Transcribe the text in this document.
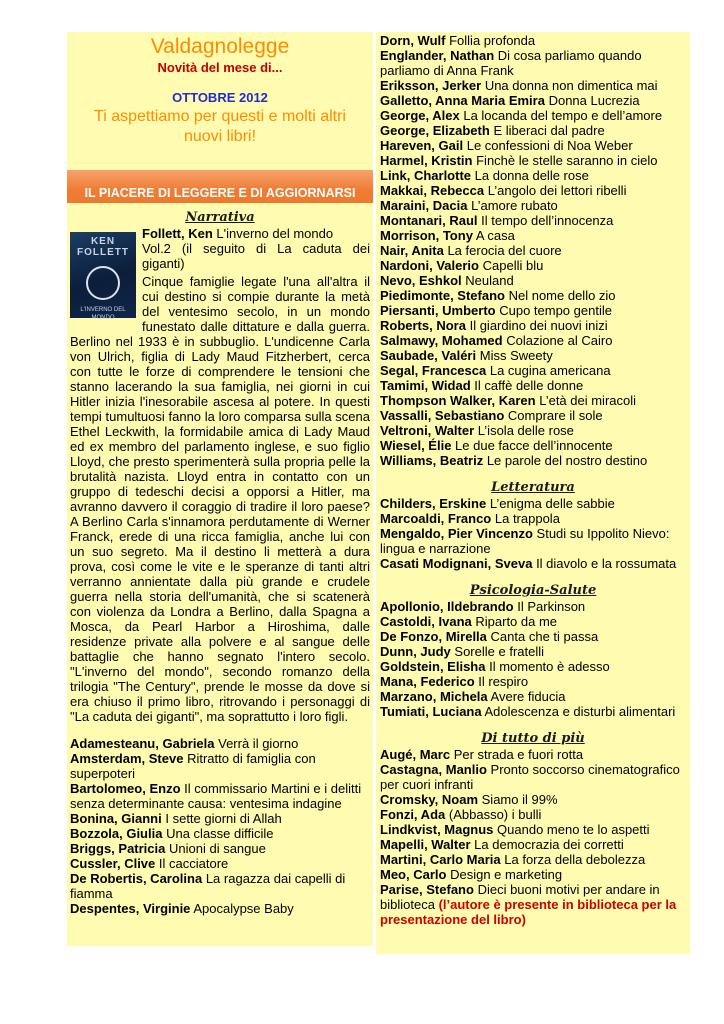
Valdagnolegge
Novità del mese di...
OTTOBRE 2012
Ti aspettiamo per questi e molti altri nuovi libri!
IL PIACERE DI LEGGERE E DI AGGIORNARSI
Narrativa
KEN FOLLETT
L'INVERNO DEL MONDO
Follett, Ken L'inverno del mondo
Vol.2 (il seguito di La caduta dei giganti)

Cinque famiglie legate l'una all'altra il cui destino si compie durante la metà del ventesimo secolo, in un mondo funestato dalle dittature e dalla guerra. Berlino nel 1933 è in subbuglio. L'undicenne Carla von Ulrich, figlia di Lady Maud Fitzherbert, cerca con tutte le forze di comprendere le tensioni che stanno lacerando la sua famiglia, nei giorni in cui Hitler inizia l'inesorabile ascesa al potere. In questi tempi tumultuosi fanno la loro comparsa sulla scena Ethel Leckwith, la formidabile amica di Lady Maud ed ex membro del parlamento inglese, e suo figlio Lloyd, che presto sperimenterà sulla propria pelle la brutalità nazista. Lloyd entra in contatto con un gruppo di tedeschi decisi a opporsi a Hitler, ma avranno davvero il coraggio di tradire il loro paese? A Berlino Carla s'innamora perdutamente di Werner Franck, erede di una ricca famiglia, anche lui con un suo segreto. Ma il destino li metterà a dura prova, così come le vite e le speranze di tanti altri verranno annientate dalla più grande e crudele guerra nella storia dell'umanità, che si scatenerà con violenza da Londra a Berlino, dalla Spagna a Mosca, da Pearl Harbor a Hiroshima, dalle residenze private alla polvere e al sangue delle battaglie che hanno segnato l'intero secolo. "L'inverno del mondo", secondo romanzo della trilogia "The Century", prende le mosse da dove si era chiuso il primo libro, ritrovando i personaggi di "La caduta dei giganti", ma soprattutto i loro figli.

Adamesteanu, Gabriela Verrà il giorno
Amsterdam, Steve Ritratto di famiglia con superpoteri
Bartolomeo, Enzo Il commissario Martini e i delitti senza determinante causa: ventesima indagine
Bonina, Gianni I sette giorni di Allah
Bozzola, Giulia Una classe difficile
Briggs, Patricia Unioni di sangue
Cussler, Clive Il cacciatore
De Robertis, Carolina La ragazza dai capelli di fiamma
Despentes, Virginie Apocalypse Baby
Dorn, Wulf Follia profonda
Englander, Nathan Di cosa parliamo quando parliamo di Anna Frank
Eriksson, Jerker Una donna non dimentica mai
Galletto, Anna Maria Emira Donna Lucrezia
George, Alex La locanda del tempo e dell’amore
George, Elizabeth E liberaci dal padre
Hareven, Gail Le confessioni di Noa Weber
Harmel, Kristin Finchè le stelle saranno in cielo
Link, Charlotte La donna delle rose
Makkai, Rebecca L’angolo dei lettori ribelli
Maraini, Dacia L’amore rubato
Montanari, Raul Il tempo dell’innocenza
Morrison, Tony A casa
Nair, Anita La ferocia del cuore
Nardoni, Valerio Capelli blu
Nevo, Eshkol Neuland
Piedimonte, Stefano Nel nome dello zio
Piersanti, Umberto Cupo tempo gentile
Roberts, Nora Il giardino dei nuovi inizi
Salmawy, Mohamed Colazione al Cairo
Saubade, Valéri Miss Sweety
Segal, Francesca La cugina americana
Tamimi, Widad Il caffè delle donne
Thompson Walker, Karen L’età dei miracoli
Vassalli, Sebastiano Comprare il sole
Veltroni, Walter L’isola delle rose
Wiesel, Élie Le due facce dell’innocente
Williams, Beatriz Le parole del nostro destino
Letteratura
Childers, Erskine L’enigma delle sabbie
Marcoaldi, Franco La trappola
Mengaldo, Pier Vincenzo Studi su Ippolito Nievo: lingua e narrazione
Casati Modignani, Sveva Il diavolo e la rossumata
Psicologia-Salute
Apollonio, Ildebrando Il Parkinson
Castoldi, Ivana Riparto da me
De Fonzo, Mirella Canta che ti passa
Dunn, Judy Sorelle e fratelli
Goldstein, Elisha Il momento è adesso
Mana, Federico Il respiro
Marzano, Michela Avere fiducia
Tumiati, Luciana Adolescenza e disturbi alimentari
Di tutto di più
Augé, Marc Per strada e fuori rotta
Castagna, Manlio Pronto soccorso cinematografico per cuori infranti
Cromsky, Noam Siamo il 99%
Fonzi, Ada (Abbasso) i bulli
Lindkvist, Magnus Quando meno te lo aspetti
Mapelli, Walter La democrazia dei corretti
Martini, Carlo Maria La forza della debolezza
Meo, Carlo Design e marketing
Parise, Stefano Dieci buoni motivi per andare in biblioteca (l’autore è presente in biblioteca per la presentazione del libro)
